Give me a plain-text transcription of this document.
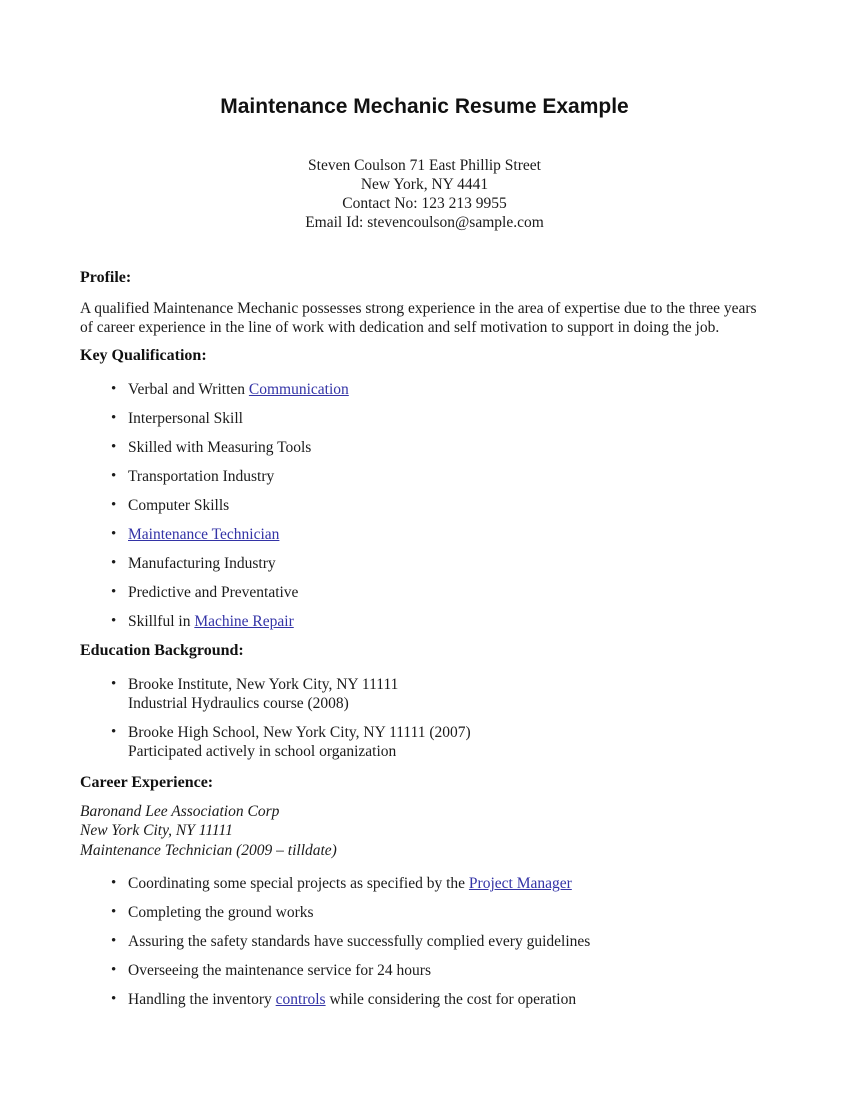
Maintenance Mechanic Resume Example
Steven Coulson 71 East Phillip Street
New York, NY 4441
Contact No: 123 213 9955
Email Id: stevencoulson@sample.com
Profile:

A qualified Maintenance Mechanic possesses strong experience in the area of expertise due to the three years of career experience in the line of work with dedication and self motivation to support in doing the job.

Key Qualification:
• Verbal and Written Communication
• Interpersonal Skill
• Skilled with Measuring Tools
• Transportation Industry
• Computer Skills
• Maintenance Technician
• Manufacturing Industry
• Predictive and Preventative
• Skillful in Machine Repair
Education Background:
• Brooke Institute, New York City, NY 11111
Industrial Hydraulics course (2008)
• Brooke High School, New York City, NY 11111 (2007)
Participated actively in school organization
Career Experience:
Baronand Lee Association Corp
New York City, NY 11111
Maintenance Technician (2009 – tilldate)
• Coordinating some special projects as specified by the Project Manager
• Completing the ground works
• Assuring the safety standards have successfully complied every guidelines
• Overseeing the maintenance service for 24 hours
• Handling the inventory controls while considering the cost for operation
